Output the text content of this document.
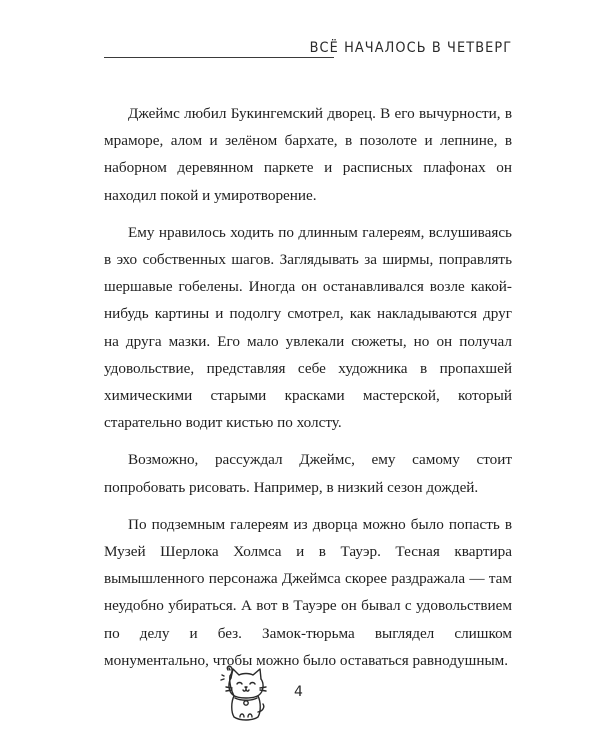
ВСЁ НАЧАЛОСЬ В ЧЕТВЕРГ

Джеймс любил Букингемский дворец. В его вычурности, в мраморе, алом и зелёном бархате, в позолоте и лепнине, в наборном деревянном паркете и расписных плафонах он находил покой и умиротворение.

Ему нравилось ходить по длинным галереям, вслушиваясь в эхо собственных шагов. Заглядывать за ширмы, поправлять шершавые гобелены. Иногда он останавливался возле какой-нибудь картины и подолгу смотрел, как накладываются друг на друга мазки. Его мало увлекали сюжеты, но он получал удовольствие, представляя себе художника в пропахшей химическими старыми красками мастерской, который старательно водит кистью по холсту.

Возможно, рассуждал Джеймс, ему самому стоит попробовать рисовать. Например, в низкий сезон дождей.

По подземным галереям из дворца можно было попасть в Музей Шерлока Холмса и в Тауэр. Тесная квартира вымышленного персонажа Джеймса скорее раздражала — там неудобно убираться. А вот в Тауэре он бывал с удовольствием по делу и без. Замок-тюрьма выглядел слишком монументально, чтобы можно было оставаться равнодушным.

4
